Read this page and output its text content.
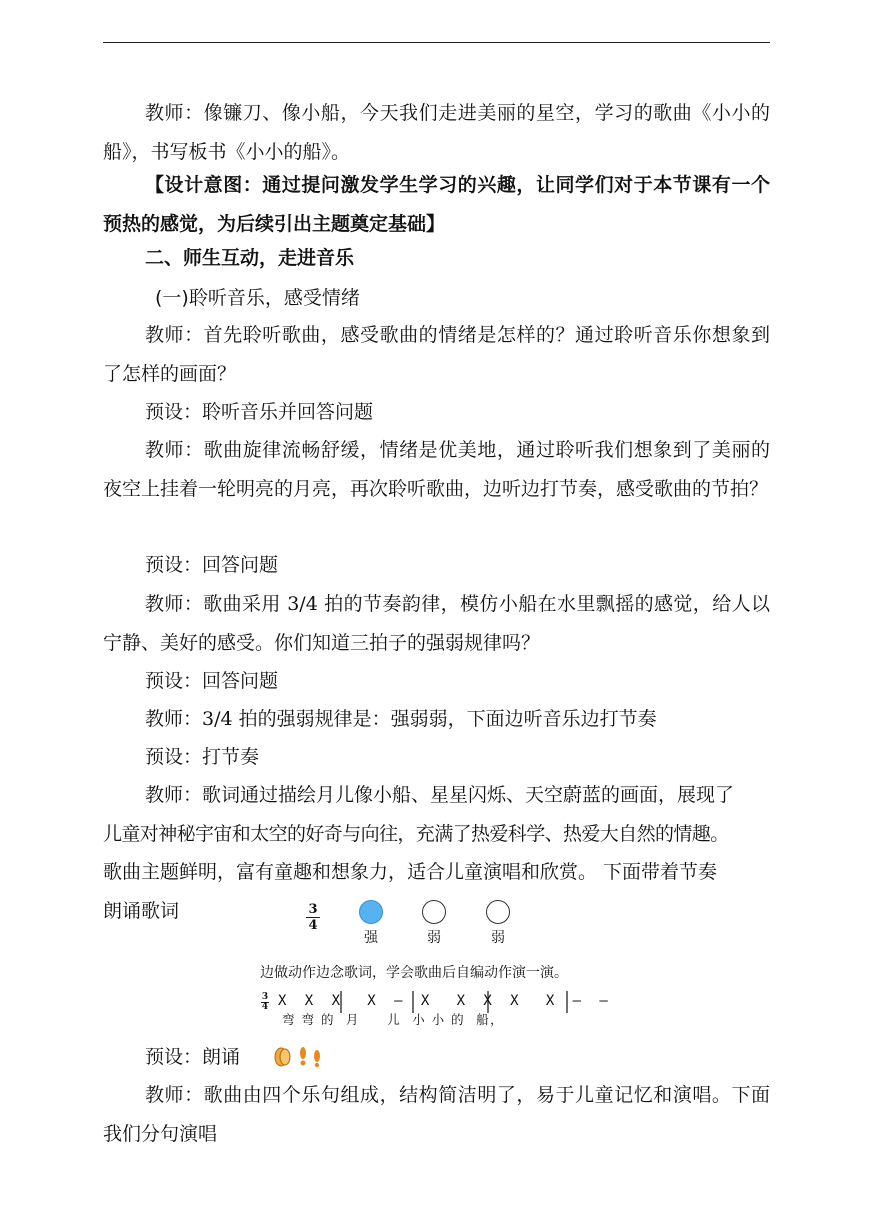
教师：像镰刀、像小船，今天我们走进美丽的星空，学习的歌曲《小小的船》，书写板书《小小的船》。

【设计意图：通过提问激发学生学习的兴趣，让同学们对于本节课有一个预热的感觉，为后续引出主题奠定基础】

二、师生互动，走进音乐
(一)聆听音乐，感受情绪

教师：首先聆听歌曲，感受歌曲的情绪是怎样的？通过聆听音乐你想象到了怎样的画面？

预设：聆听音乐并回答问题

教师：歌曲旋律流畅舒缓，情绪是优美地，通过聆听我们想象到了美丽的夜空上挂着一轮明亮的月亮，再次聆听歌曲，边听边打节奏，感受歌曲的节拍？

预设：回答问题

教师：歌曲采用 3/4 拍的节奏韵律，模仿小船在水里飘摇的感觉，给人以宁静、美好的感受。你们知道三拍子的强弱规律吗？

预设：回答问题

教师：3/4 拍的强弱规律是：强弱弱，下面边听音乐边打节奏

预设：打节奏

教师：歌词通过描绘月儿像小船、星星闪烁、天空蔚蓝的画面，展现了
儿童对神秘宇宙和太空的好奇与向往，充满了热爱科学、热爱大自然的情趣。
歌曲主题鲜明，富有童趣和想象力，适合儿童演唱和欣赏。 下面带着节奏
朗诵歌词	3
4
强	弱	弱
边做动作边念歌词，学会歌曲后自编动作演一演。
3
4 X  X  X   X  –  X   X  X  X   X  –  –
弯 弯 的  月     儿  小 小 的  船，

预设：朗诵

教师：歌曲由四个乐句组成，结构简洁明了，易于儿童记忆和演唱。下面我们分句演唱
